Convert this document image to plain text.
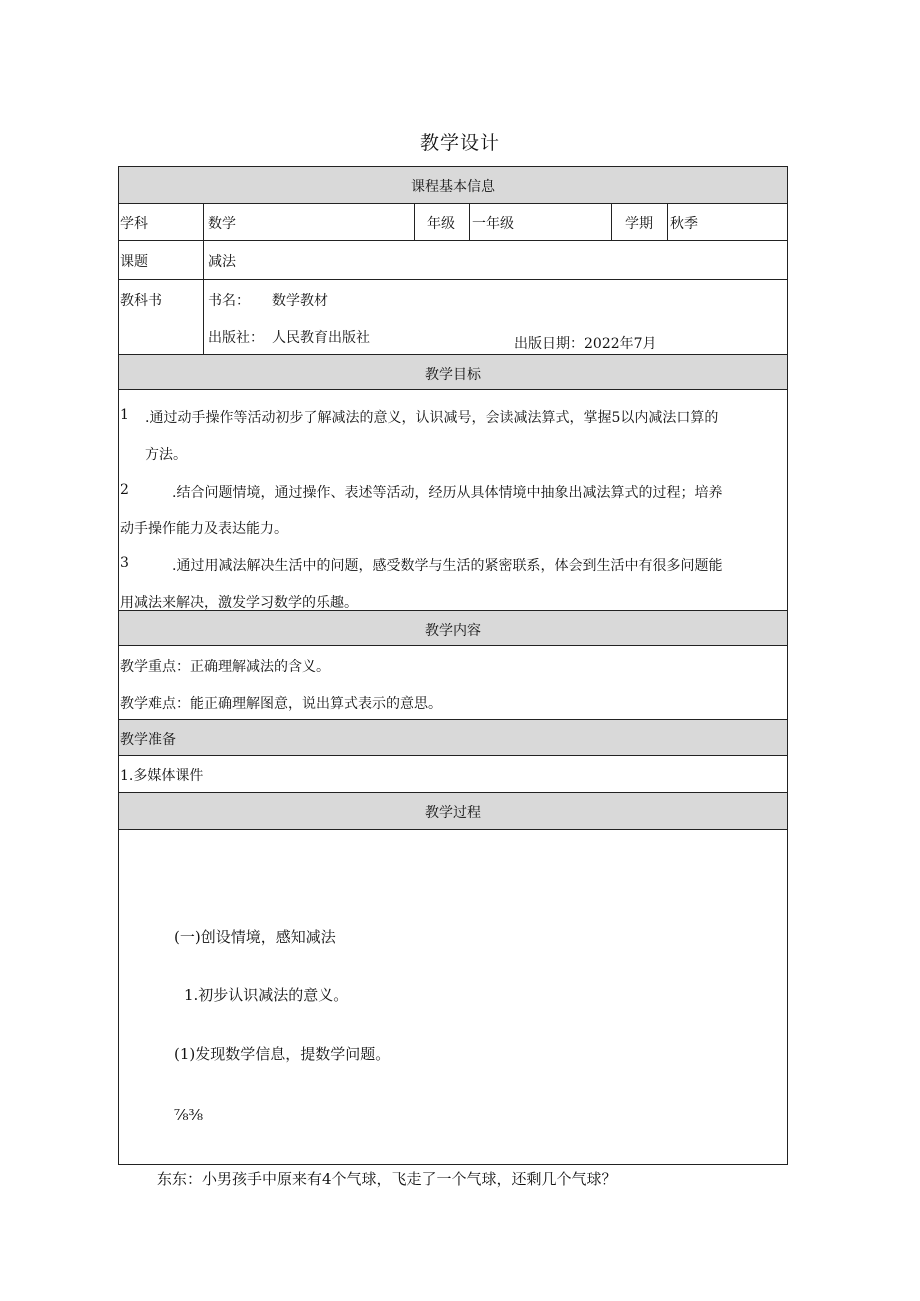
教学设计
课程基本信息
学科	数学	年级 一年级	学期 秋季
课题	减法
教科书	书名： 数学教材
出版社： 人民教育出版社	出版日期：2022年7月
教学目标
1 .通过动手操作等活动初步了解减法的意义，认识减号，会读减法算式，掌握5以内减法口算的
方法。
2	.结合问题情境，通过操作、表述等活动，经历从具体情境中抽象出减法算式的过程；培养
动手操作能力及表达能力。
3	.通过用减法解决生活中的问题，感受数学与生活的紧密联系，体会到生活中有很多问题能
用减法来解决，激发学习数学的乐趣。
教学内容
教学重点：正确理解减法的含义。
教学难点：能正确理解图意，说出算式表示的意思。
教学准备
1.多媒体课件
教学过程
(一)创设情境，感知减法
1.初步认识减法的意义。
(1)发现数学信息，提数学问题。
⅞⅜
东东：小男孩手中原来有4个气球，飞走了一个气球，还剩几个气球？
